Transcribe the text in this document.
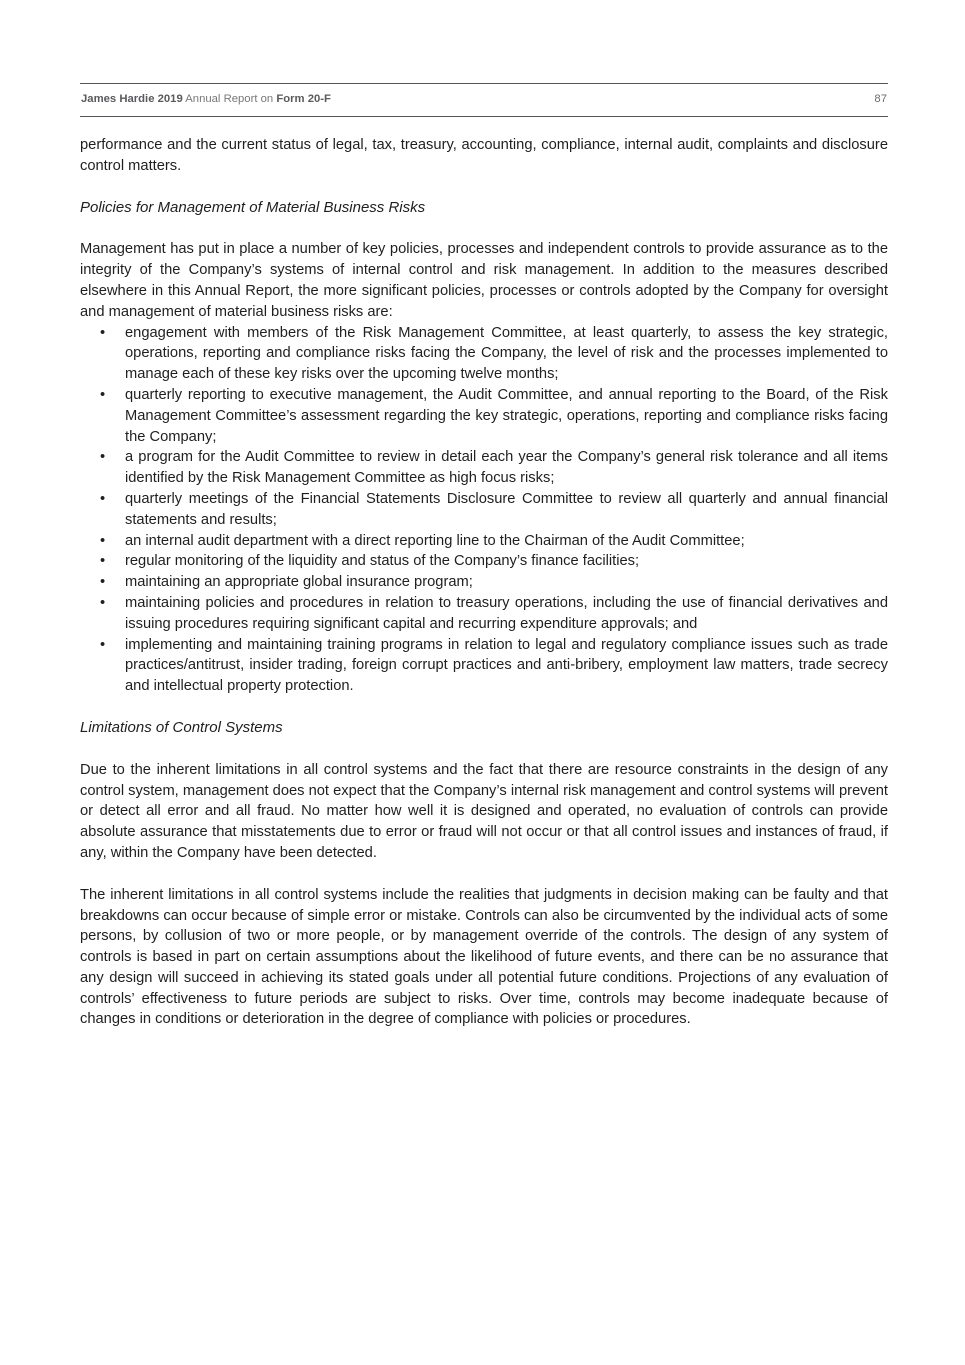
James Hardie 2019 Annual Report on Form 20-F	87

performance and the current status of legal, tax, treasury, accounting, compliance, internal audit, complaints and disclosure control matters.

Policies for Management of Material Business Risks

Management has put in place a number of key policies, processes and independent controls to provide assurance as to the integrity of the Company’s systems of internal control and risk management. In addition to the measures described elsewhere in this Annual Report, the more significant policies, processes or controls adopted by the Company for oversight and management of material business risks are:

• engagement with members of the Risk Management Committee, at least quarterly, to assess the key strategic, operations, reporting and compliance risks facing the Company, the level of risk and the processes implemented to manage each of these key risks over the upcoming twelve months;
• quarterly reporting to executive management, the Audit Committee, and annual reporting to the Board, of the Risk Management Committee’s assessment regarding the key strategic, operations, reporting and compliance risks facing the Company;
• a program for the Audit Committee to review in detail each year the Company’s general risk tolerance and all items identified by the Risk Management Committee as high focus risks;
• quarterly meetings of the Financial Statements Disclosure Committee to review all quarterly and annual financial statements and results;
• an internal audit department with a direct reporting line to the Chairman of the Audit Committee;
• regular monitoring of the liquidity and status of the Company’s finance facilities;
• maintaining an appropriate global insurance program;
• maintaining policies and procedures in relation to treasury operations, including the use of financial derivatives and issuing procedures requiring significant capital and recurring expenditure approvals; and
• implementing and maintaining training programs in relation to legal and regulatory compliance issues such as trade practices/antitrust, insider trading, foreign corrupt practices and anti-bribery, employment law matters, trade secrecy and intellectual property protection.
Limitations of Control Systems

Due to the inherent limitations in all control systems and the fact that there are resource constraints in the design of any control system, management does not expect that the Company’s internal risk management and control systems will prevent or detect all error and all fraud. No matter how well it is designed and operated, no evaluation of controls can provide absolute assurance that misstatements due to error or fraud will not occur or that all control issues and instances of fraud, if any, within the Company have been detected.

The inherent limitations in all control systems include the realities that judgments in decision making can be faulty and that breakdowns can occur because of simple error or mistake. Controls can also be circumvented by the individual acts of some persons, by collusion of two or more people, or by management override of the controls. The design of any system of controls is based in part on certain assumptions about the likelihood of future events, and there can be no assurance that any design will succeed in achieving its stated goals under all potential future conditions. Projections of any evaluation of controls’ effectiveness to future periods are subject to risks. Over time, controls may become inadequate because of changes in conditions or deterioration in the degree of compliance with policies or procedures.
